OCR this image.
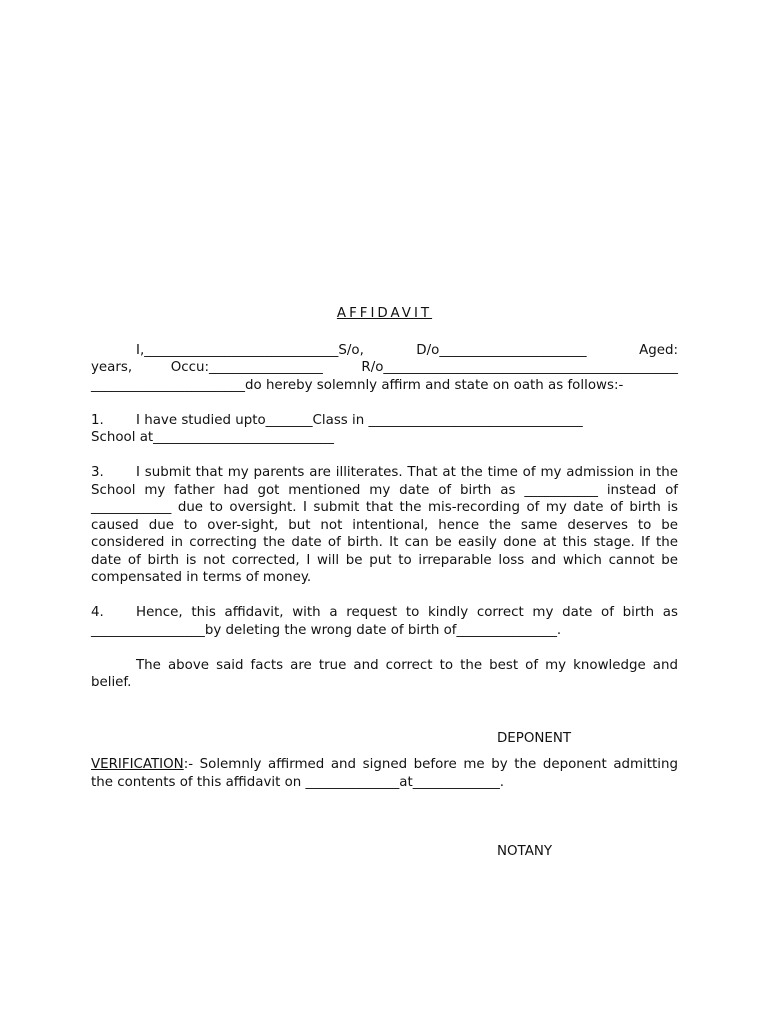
AFFIDAVIT

I,_____________________________S/o, D/o______________________ Aged:
years, Occu:_________________ R/o____________________________________________
_______________________do hereby solemnly affirm and state on oath as follows:-

1. I have studied upto_______Class in ________________________________
School at___________________________

3. I submit that my parents are illiterates. That at the time of my admission in the School my father had got mentioned my date of birth as ___________ instead of ____________ due to oversight. I submit that the mis-recording of my date of birth is caused due to over-sight, but not intentional, hence the same deserves to be considered in correcting the date of birth. It can be easily done at this stage. If the date of birth is not corrected, I will be put to irreparable loss and which cannot be compensated in terms of money.

4. Hence, this affidavit, with a request to kindly correct my date of birth as _________________by deleting the wrong date of birth of_______________.

The above said facts are true and correct to the best of my knowledge and belief.

DEPONENT

VERIFICATION:- Solemnly affirmed and signed before me by the deponent admitting the contents of this affidavit on ______________at_____________.

NOTANY
